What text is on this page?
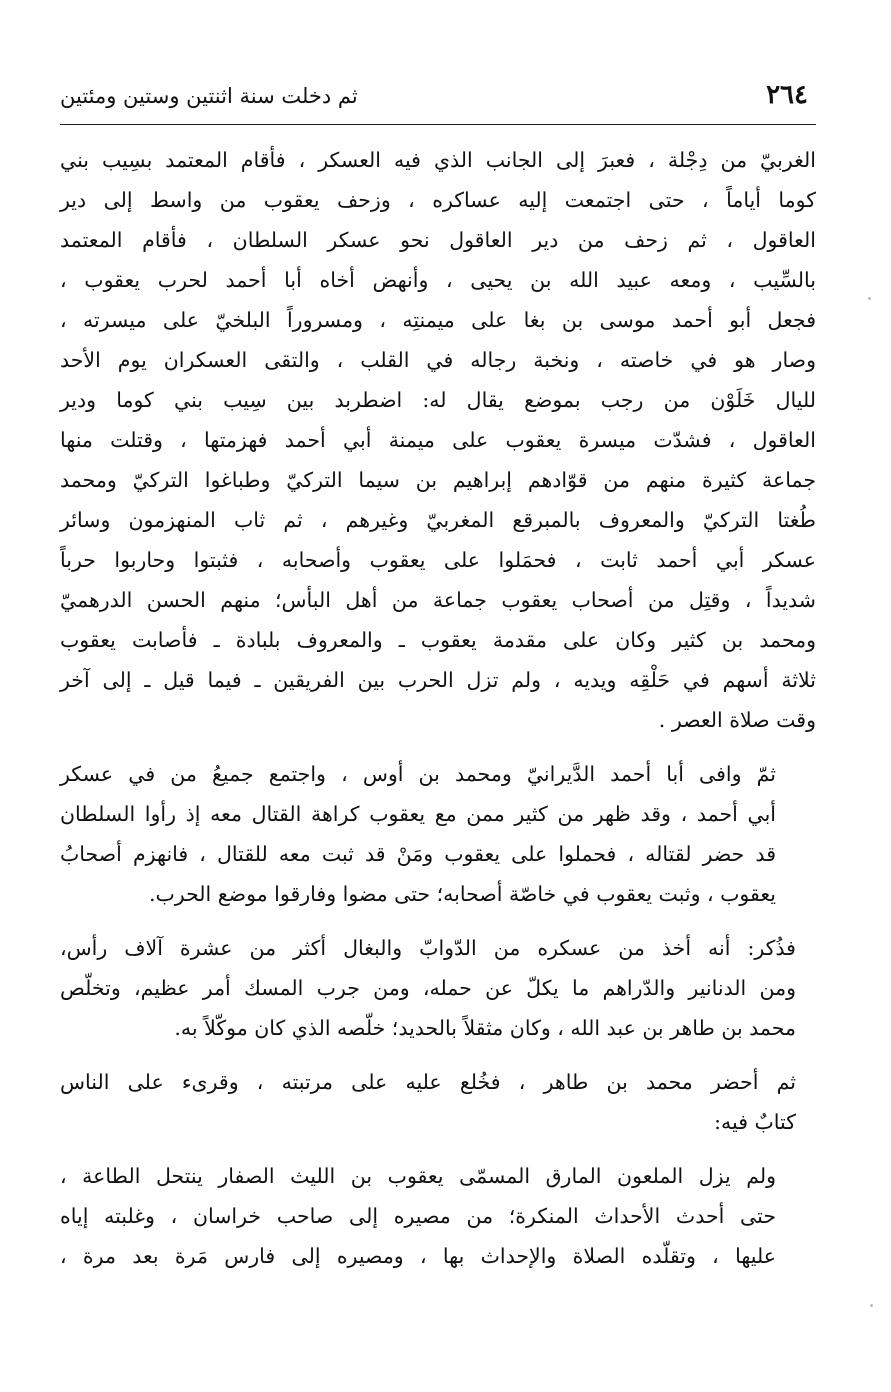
٢٦٤
ثم دخلت سنة اثنتين وستين ومئتين
الغربيّ من دِجْلة ، فعبرَ إلى الجانب الذي فيه العسكر ، فأقام المعتمد بسِيب بني
كوما أياماً ، حتى اجتمعت إليه عساكره ، وزحف يعقوب من واسط إلى دير
العاقول ، ثم زحف من دير العاقول نحو عسكر السلطان ، فأقام المعتمد
بالسِّيب ، ومعه عبيد الله بن يحيى ، وأنهض أخاه أبا أحمد لحرب يعقوب ،
فجعل أبو أحمد موسى بن بغا على ميمنتِه ، ومسروراً البلخيّ على ميسرته ،
وصار هو في خاصته ، ونخبة رجاله في القلب ، والتقى العسكران يوم الأحد
لليال خَلَوْن من رجب بموضع يقال له: اضطربد بين سِيب بني كوما ودير
العاقول ، فشدّت ميسرة يعقوب على ميمنة أبي أحمد فهزمتها ، وقتلت منها
جماعة كثيرة منهم من قوّادهم إبراهيم بن سيما التركيّ وطباغوا التركيّ ومحمد
طُغتا التركيّ والمعروف بالمبرقع المغربيّ وغيرهم ، ثم ثاب المنهزمون وسائر
عسكر أبي أحمد ثابت ، فحمَلوا على يعقوب وأصحابه ، فثبتوا وحاربوا حرباً
شديداً ، وقتِل من أصحاب يعقوب جماعة من أهل البأس؛ منهم الحسن الدرهميّ
ومحمد بن كثير وكان على مقدمة يعقوب ـ والمعروف بلبادة ـ فأصابت يعقوب
ثلاثة أسهم في حَلْقِه ويديه ، ولم تزل الحرب بين الفريقين ـ فيما قيل ـ إلى آخر
وقت صلاة العصر .
ثمّ وافى أبا أحمد الدَّيرانيّ ومحمد بن أوس ، واجتمع جميعُ من في عسكر
أبي أحمد ، وقد ظهر من كثير ممن مع يعقوب كراهة القتال معه إذ رأوا السلطان
قد حضر لقتاله ، فحملوا على يعقوب ومَنْ قد ثبت معه للقتال ، فانهزم أصحابُ
يعقوب ، وثبت يعقوب في خاصّة أصحابه؛ حتى مضوا وفارقوا موضع الحرب.
فذُكر: أنه أخذ من عسكره من الدّوابّ والبغال أكثر من عشرة آلاف رأس،
ومن الدنانير والدّراهم ما يكلّ عن حمله، ومن جرب المسك أمر عظيم، وتخلّص
محمد بن طاهر بن عبد الله ، وكان مثقلاً بالحديد؛ خلّصه الذي كان موكّلاً به.
ثم أحضر محمد بن طاهر ، فخُلع عليه على مرتبته ، وقرىء على الناس
كتابٌ فيه:
ولم يزل الملعون المارق المسمّى يعقوب بن الليث الصفار ينتحل الطاعة ،
حتى أحدث الأحداث المنكرة؛ من مصيره إلى صاحب خراسان ، وغلبته إياه
عليها ، وتقلّده الصلاة والإحداث بها ، ومصيره إلى فارس مَرة بعد مرة ،
